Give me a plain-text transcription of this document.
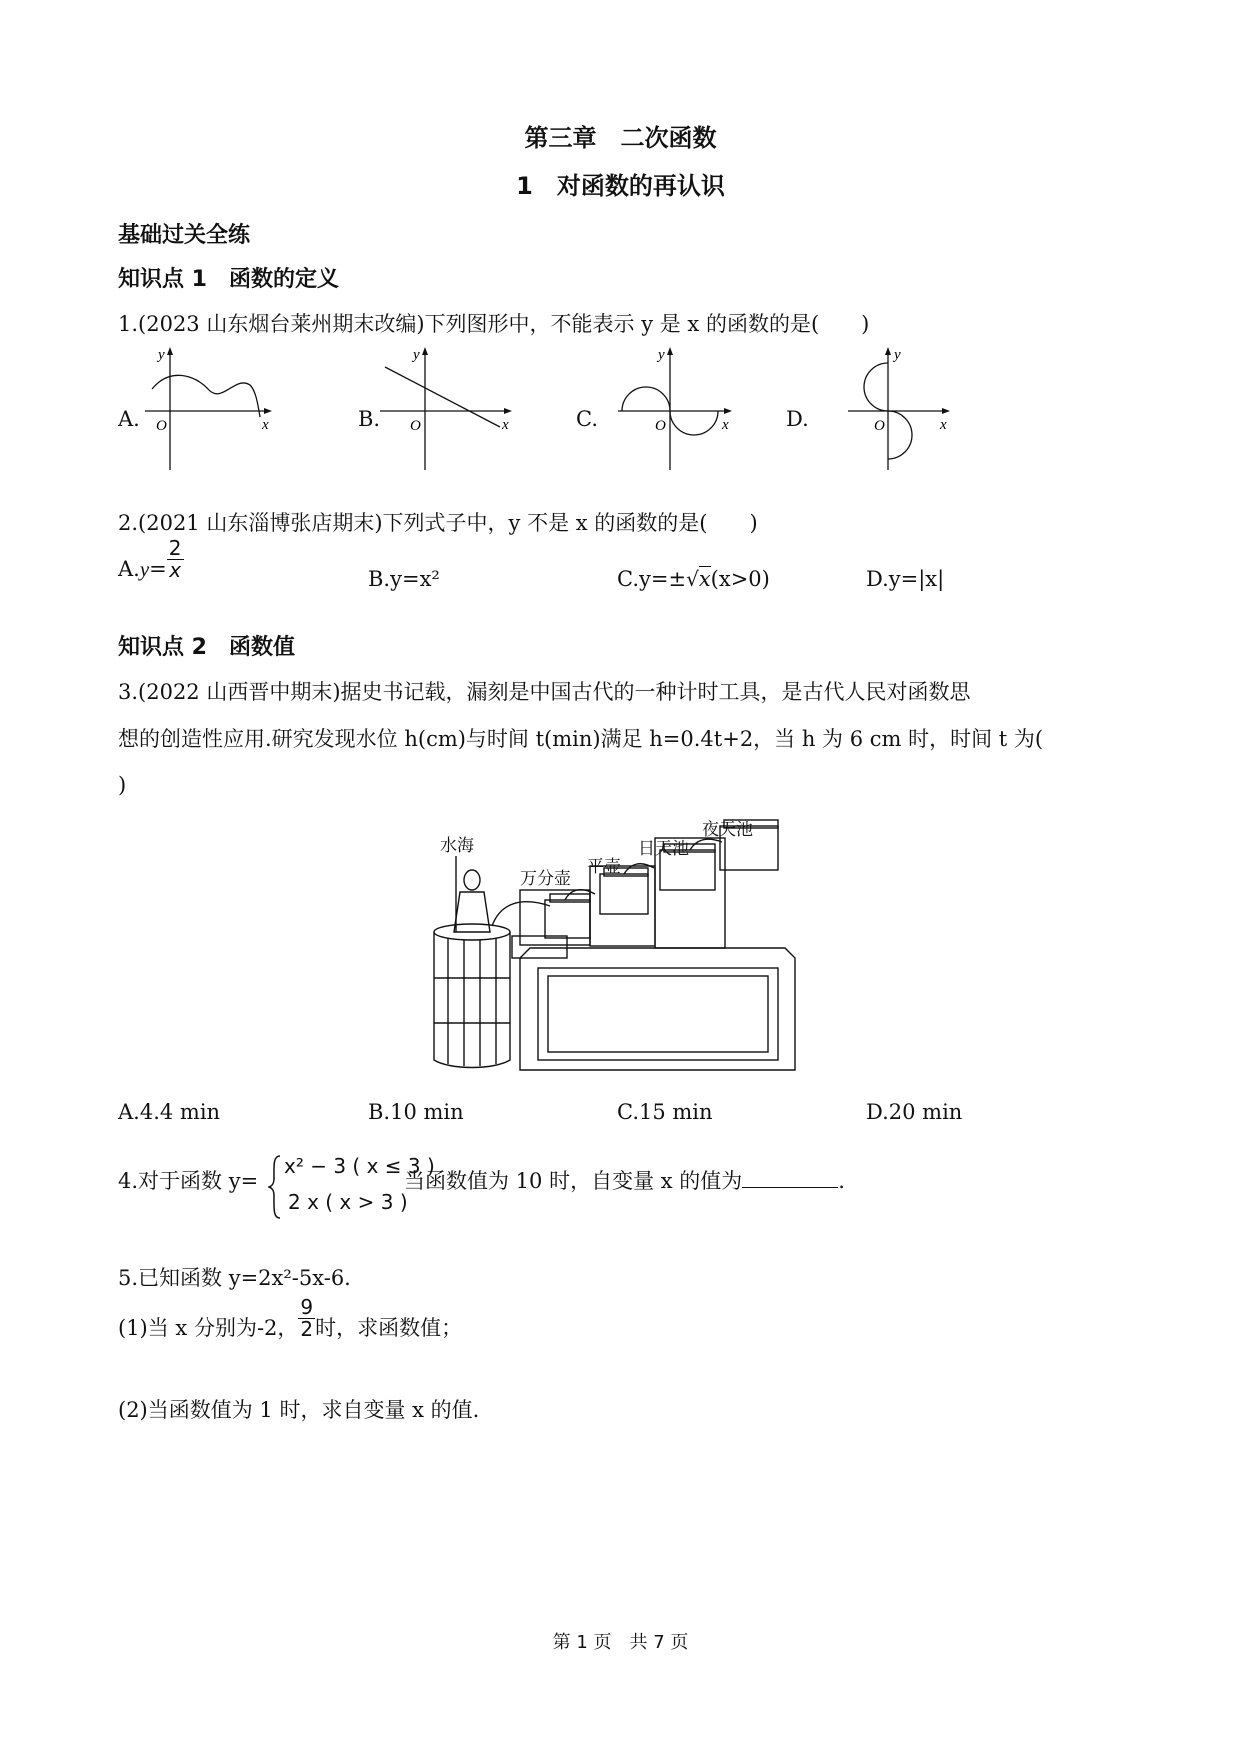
第三章　二次函数
1　对函数的再认识
基础过关全练
知识点 1　函数的定义
1.(2023 山东烟台莱州期末改编)下列图形中，不能表示 y 是 x 的函数的是(　　)
A.
y
O	x	B.
y
O	x	C.
y
O	x	D.
y
O	x
2.(2021 山东淄博张店期末)下列式子中，y 不是 x 的函数的是(　　)
$A.y= \frac{2}{x}$	B.y=x²	C.y=±√x(x>0)	D.y=|x|
知识点 2　函数值
3.(2022 山西晋中期末)据史书记载，漏刻是中国古代的一种计时工具，是古代人民对函数思
想的创造性应用.研究发现水位 h(cm)与时间 t(min)满足 h=0.4t+2，当 h 为 6 cm 时，时间 t 为(
)
水海
万分壶
平壶
日天池
夜天池
A.4.4 min	B.10 min	C.15 min	D.20 min
4.对于函数 y=
x² − 3 ( x ≤ 3 )
2 x ( x > 3 )
当函数值为 10 时，自变量 x 的值为	.
5.已知函数 y=2x²-5x-6.
(1)当 x 分别为-2， $\frac{9}{2}$ 时，求函数值；
(2)当函数值为 1 时，求自变量 x 的值.
第 1 页　共 7 页
